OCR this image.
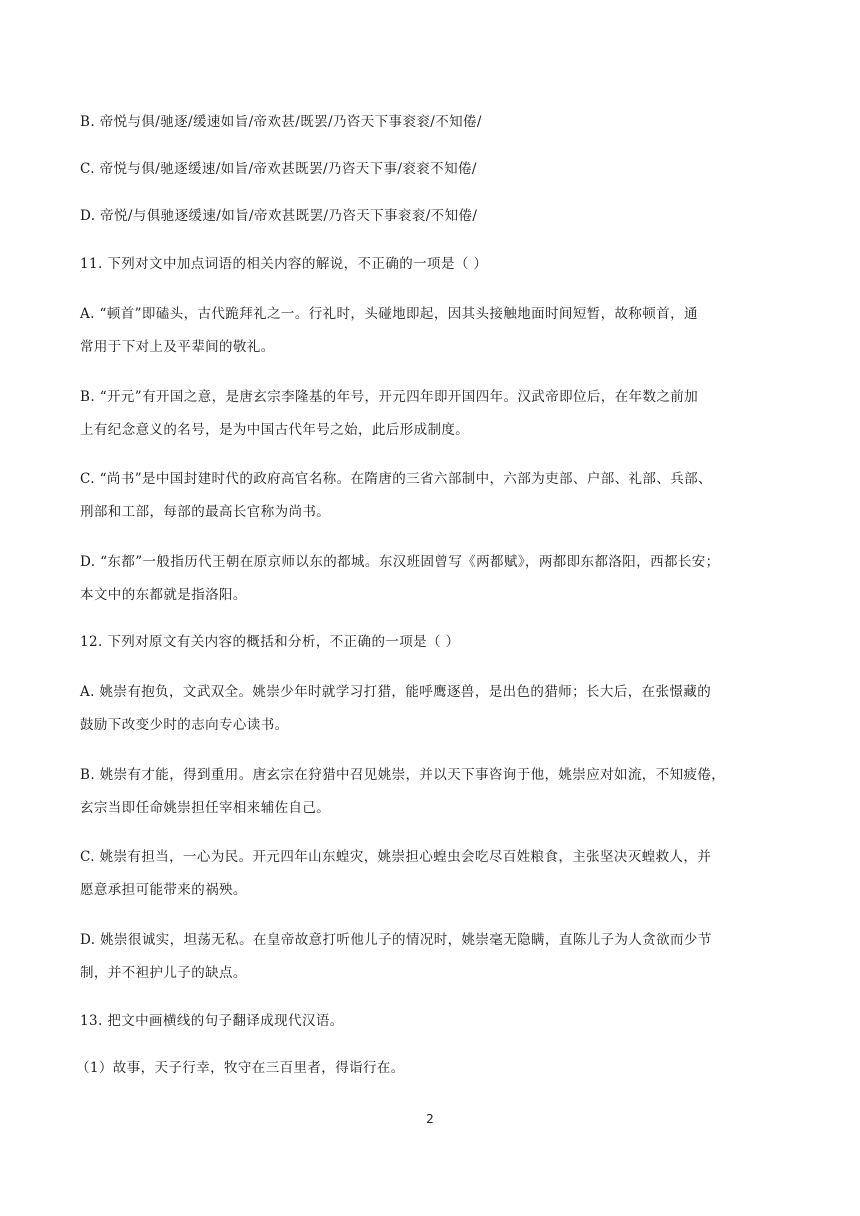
B. 帝悦与俱/驰逐/缓速如旨/帝欢甚/既罢/乃咨天下事衮衮/不知倦/
C. 帝悦与俱/驰逐缓速/如旨/帝欢甚既罢/乃咨天下事/衮衮不知倦/
D. 帝悦/与俱驰逐缓速/如旨/帝欢甚既罢/乃咨天下事衮衮/不知倦/
11. 下列对文中加点词语的相关内容的解说，不正确的一项是（ ）
A. “顿首”即磕头，古代跪拜礼之一。行礼时，头碰地即起，因其头接触地面时间短暂，故称顿首，通
常用于下对上及平辈间的敬礼。
B. “开元”有开国之意，是唐玄宗李隆基的年号，开元四年即开国四年。汉武帝即位后，在年数之前加
上有纪念意义的名号，是为中国古代年号之始，此后形成制度。
C. “尚书”是中国封建时代的政府高官名称。在隋唐的三省六部制中，六部为吏部、户部、礼部、兵部、
刑部和工部，每部的最高长官称为尚书。
D. “东都”一般指历代王朝在原京师以东的都城。东汉班固曾写《两都赋》，两都即东都洛阳，西都长安；
本文中的东都就是指洛阳。
12. 下列对原文有关内容的概括和分析，不正确的一项是（ ）
A. 姚崇有抱负，文武双全。姚崇少年时就学习打猎，能呼鹰逐兽，是出色的猎师；长大后，在张憬藏的
鼓励下改变少时的志向专心读书。
B. 姚崇有才能，得到重用。唐玄宗在狩猎中召见姚崇，并以天下事咨询于他，姚崇应对如流，不知疲倦，
玄宗当即任命姚崇担任宰相来辅佐自己。
C. 姚崇有担当，一心为民。开元四年山东蝗灾，姚崇担心蝗虫会吃尽百姓粮食，主张坚决灭蝗救人，并
愿意承担可能带来的祸殃。
D. 姚崇很诚实，坦荡无私。在皇帝故意打听他儿子的情况时，姚崇毫无隐瞒，直陈儿子为人贪欲而少节
制，并不袒护儿子的缺点。
13. 把文中画横线的句子翻译成现代汉语。
（1）故事，天子行幸，牧守在三百里者，得诣行在。
2
